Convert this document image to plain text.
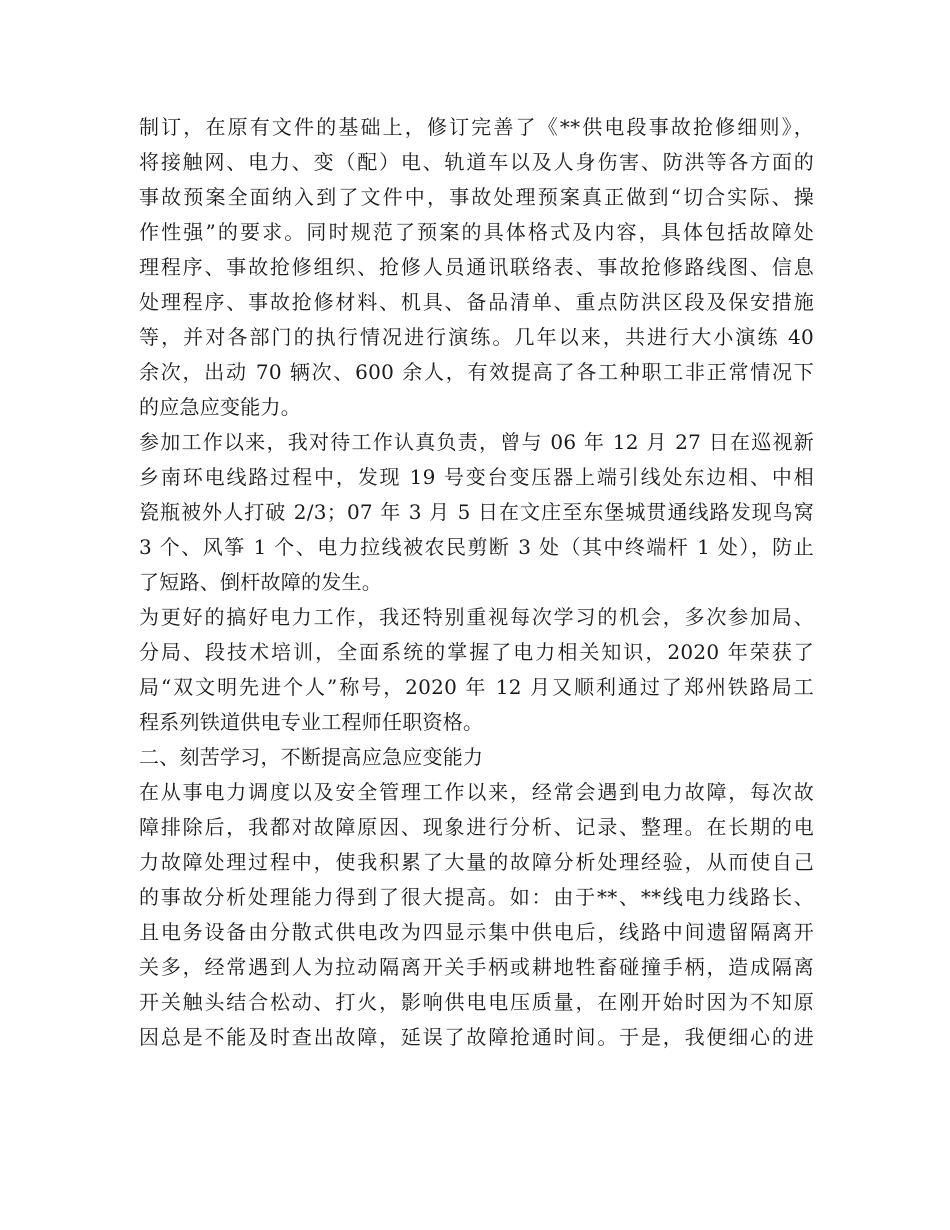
制订，在原有文件的基础上，修订完善了《**供电段事故抢修细则》，
将接触网、电力、变（配）电、轨道车以及人身伤害、防洪等各方面的
事故预案全面纳入到了文件中，事故处理预案真正做到“切合实际、操
作性强”的要求。同时规范了预案的具体格式及内容，具体包括故障处
理程序、事故抢修组织、抢修人员通讯联络表、事故抢修路线图、信息
处理程序、事故抢修材料、机具、备品清单、重点防洪区段及保安措施
等，并对各部门的执行情况进行演练。几年以来，共进行大小演练 40
余次，出动 70 辆次、600 余人，有效提高了各工种职工非正常情况下
的应急应变能力。
参加工作以来，我对待工作认真负责，曾与 06 年 12 月 27 日在巡视新
乡南环电线路过程中，发现 19 号变台变压器上端引线处东边相、中相
瓷瓶被外人打破 2/3；07 年 3 月 5 日在文庄至东堡城贯通线路发现鸟窝
3 个、风筝 1 个、电力拉线被农民剪断 3 处（其中终端杆 1 处），防止
了短路、倒杆故障的发生。
为更好的搞好电力工作，我还特别重视每次学习的机会，多次参加局、
分局、段技术培训，全面系统的掌握了电力相关知识，2020 年荣获了
局“双文明先进个人”称号，2020 年 12 月又顺利通过了郑州铁路局工
程系列铁道供电专业工程师任职资格。
二、刻苦学习，不断提高应急应变能力
在从事电力调度以及安全管理工作以来，经常会遇到电力故障，每次故
障排除后，我都对故障原因、现象进行分析、记录、整理。在长期的电
力故障处理过程中，使我积累了大量的故障分析处理经验，从而使自己
的事故分析处理能力得到了很大提高。如：由于**、**线电力线路长、
且电务设备由分散式供电改为四显示集中供电后，线路中间遗留隔离开
关多，经常遇到人为拉动隔离开关手柄或耕地牲畜碰撞手柄，造成隔离
开关触头结合松动、打火，影响供电电压质量，在刚开始时因为不知原
因总是不能及时查出故障，延误了故障抢通时间。于是，我便细心的进
